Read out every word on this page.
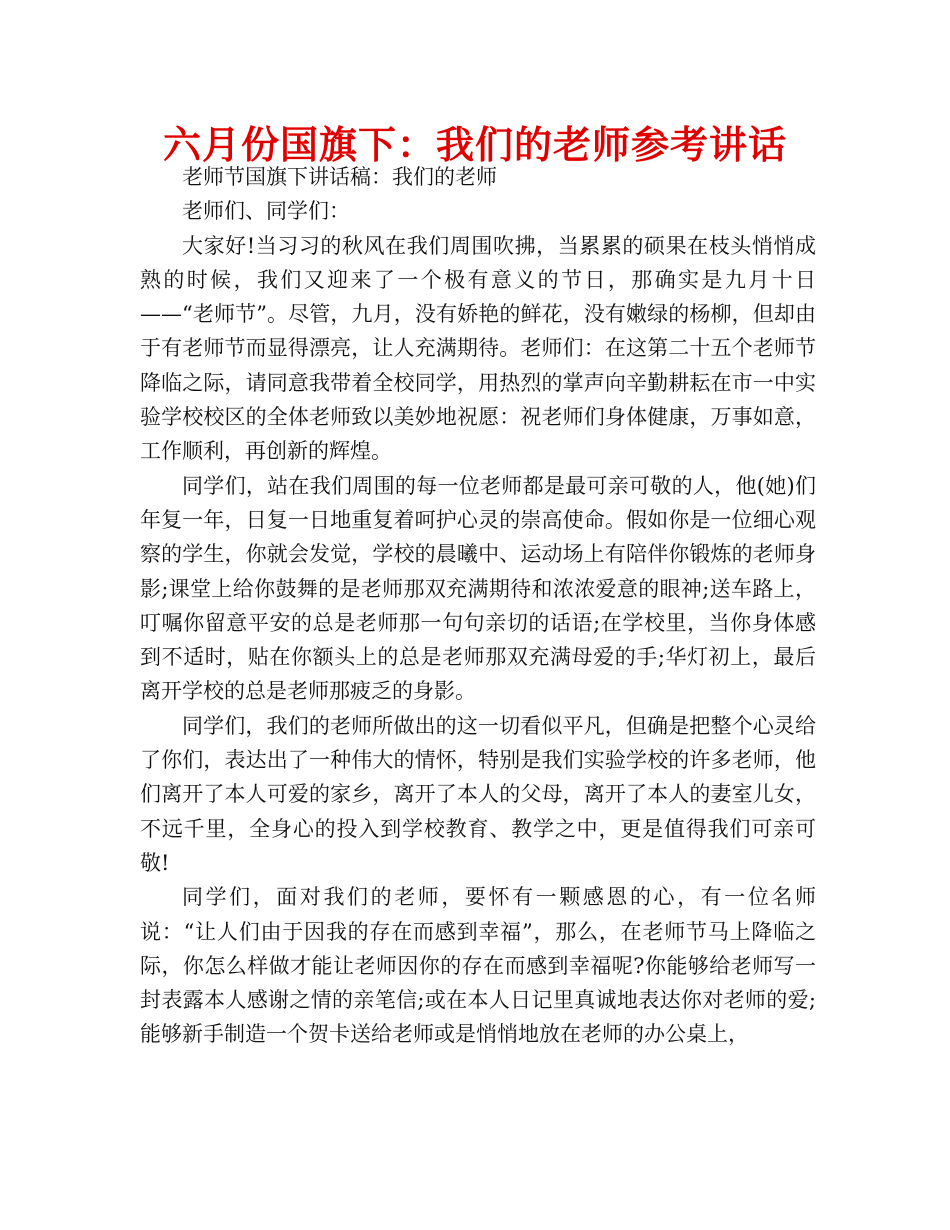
六月份国旗下：我们的老师参考讲话

老师节国旗下讲话稿：我们的老师

老师们、同学们：

大家好!当习习的秋风在我们周围吹拂，当累累的硕果在枝头悄悄成熟的时候，我们又迎来了一个极有意义的节日，那确实是九月十日——“老师节”。尽管，九月，没有娇艳的鲜花，没有嫩绿的杨柳，但却由于有老师节而显得漂亮，让人充满期待。老师们：在这第二十五个老师节降临之际，请同意我带着全校同学，用热烈的掌声向辛勤耕耘在市一中实验学校校区的全体老师致以美妙地祝愿：祝老师们身体健康，万事如意，工作顺利，再创新的辉煌。

同学们，站在我们周围的每一位老师都是最可亲可敬的人，他(她)们年复一年，日复一日地重复着呵护心灵的崇高使命。假如你是一位细心观察的学生，你就会发觉，学校的晨曦中、运动场上有陪伴你锻炼的老师身影;课堂上给你鼓舞的是老师那双充满期待和浓浓爱意的眼神;送车路上，叮嘱你留意平安的总是老师那一句句亲切的话语;在学校里，当你身体感到不适时，贴在你额头上的总是老师那双充满母爱的手;华灯初上，最后离开学校的总是老师那疲乏的身影。

同学们，我们的老师所做出的这一切看似平凡，但确是把整个心灵给了你们，表达出了一种伟大的情怀，特别是我们实验学校的许多老师，他们离开了本人可爱的家乡，离开了本人的父母，离开了本人的妻室儿女，不远千里，全身心的投入到学校教育、教学之中，更是值得我们可亲可敬!

同学们，面对我们的老师，要怀有一颗感恩的心，有一位名师说：“让人们由于因我的存在而感到幸福”，那么，在老师节马上降临之际，你怎么样做才能让老师因你的存在而感到幸福呢?你能够给老师写一封表露本人感谢之情的亲笔信;或在本人日记里真诚地表达你对老师的爱;能够新手制造一个贺卡送给老师或是悄悄地放在老师的办公桌上，
